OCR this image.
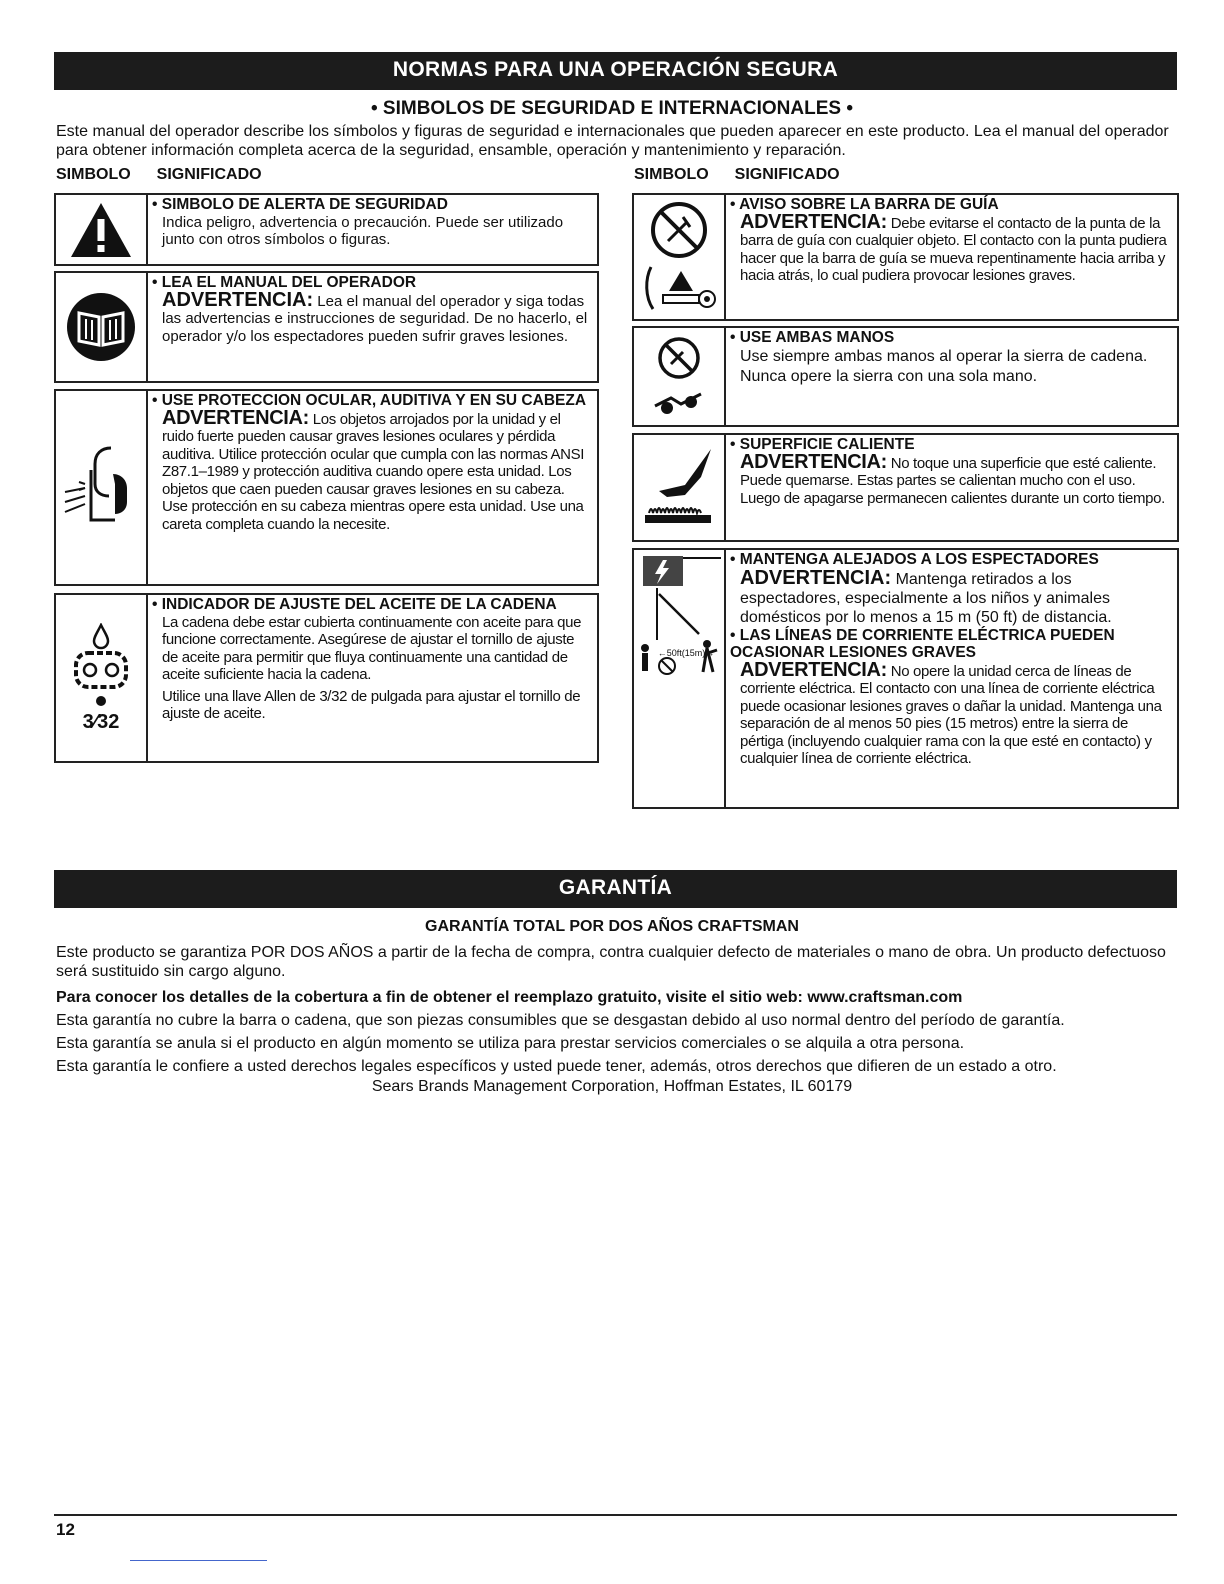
NORMAS PARA UNA OPERACIÓN SEGURA
• SIMBOLOS DE SEGURIDAD E INTERNACIONALES •
Este manual del operador describe los símbolos y figuras de seguridad e internacionales que pueden aparecer en este producto. Lea el manual del operador para obtener información completa acerca de la seguridad, ensamble, operación y mantenimiento y reparación.
SIMBOLO SIGNIFICADO	SIMBOLO SIGNIFICADO
• SIMBOLO DE ALERTA DE SEGURIDAD
Indica peligro, advertencia o precaución. Puede ser utilizado junto con otros símbolos o figuras.
• LEA EL MANUAL DEL OPERADOR
ADVERTENCIA: Lea el manual del operador y siga todas las advertencias e instrucciones de seguridad. De no hacerlo, el operador y/o los espectadores pueden sufrir graves lesiones.
• USE PROTECCION OCULAR, AUDITIVA Y EN SU CABEZA
ADVERTENCIA: Los objetos arrojados por la unidad y el ruido fuerte pueden causar graves lesiones oculares y pérdida auditiva. Utilice protección ocular que cumpla con las normas ANSI Z87.1–1989 y protección auditiva cuando opere esta unidad. Los objetos que caen pueden causar graves lesiones en su cabeza. Use protección en su cabeza mientras opere esta unidad. Use una careta completa cuando la necesite.
3⁄32
• INDICADOR DE AJUSTE DEL ACEITE DE LA CADENA
La cadena debe estar cubierta continuamente con aceite para que funcione correctamente. Asegúrese de ajustar el tornillo de ajuste de aceite para permitir que fluya continuamente una cantidad de aceite suficiente hacia la cadena.
Utilice una llave Allen de 3/32 de pulgada para ajustar el tornillo de ajuste de aceite.
• AVISO SOBRE LA BARRA DE GUÍA
ADVERTENCIA: Debe evitarse el contacto de la punta de la barra de guía con cualquier objeto. El contacto con la punta pudiera hacer que la barra de guía se mueva repentinamente hacia arriba y hacia atrás, lo cual pudiera provocar lesiones graves.
• USE AMBAS MANOS
Use siempre ambas manos al operar la sierra de cadena. Nunca opere la sierra con una sola mano.
• SUPERFICIE CALIENTE
ADVERTENCIA: No toque una superficie que esté caliente. Puede quemarse. Estas partes se calientan mucho con el uso. Luego de apagarse permanecen calientes durante un corto tiempo.
←50ft(15m)→
• MANTENGA ALEJADOS A LOS ESPECTADORES
ADVERTENCIA: Mantenga retirados a los espectadores, especialmente a los niños y animales domésticos por lo menos a 15 m (50 ft) de distancia.
• LAS LÍNEAS DE CORRIENTE ELÉCTRICA PUEDEN OCASIONAR LESIONES GRAVES
ADVERTENCIA: No opere la unidad cerca de líneas de corriente eléctrica. El contacto con una línea de corriente eléctrica puede ocasionar lesiones graves o dañar la unidad. Mantenga una separación de al menos 50 pies (15 metros) entre la sierra de pértiga (incluyendo cualquier rama con la que esté en contacto) y cualquier línea de corriente eléctrica.
GARANTÍA
GARANTÍA TOTAL POR DOS AÑOS CRAFTSMAN
Este producto se garantiza POR DOS AÑOS a partir de la fecha de compra, contra cualquier defecto de materiales o mano de obra. Un producto defectuoso será sustituido sin cargo alguno.
Para conocer los detalles de la cobertura a fin de obtener el reemplazo gratuito, visite el sitio web: www.craftsman.com
Esta garantía no cubre la barra o cadena, que son piezas consumibles que se desgastan debido al uso normal dentro del período de garantía.
Esta garantía se anula si el producto en algún momento se utiliza para prestar servicios comerciales o se alquila a otra persona.
Esta garantía le confiere a usted derechos legales específicos y usted puede tener, además, otros derechos que difieren de un estado a otro.
Sears Brands Management Corporation, Hoffman Estates, IL 60179
12
